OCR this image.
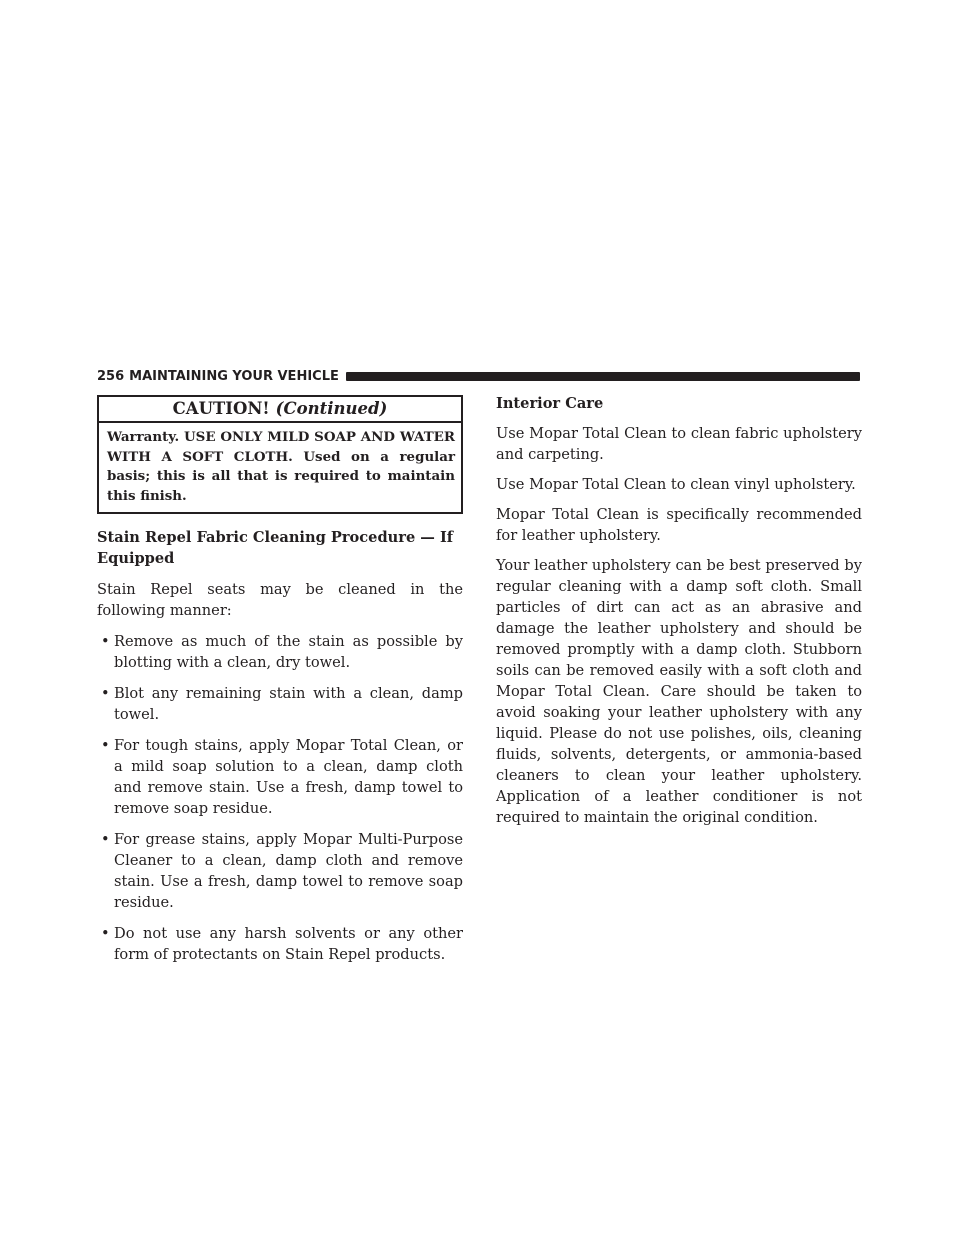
256 MAINTAINING YOUR VEHICLE
CAUTION! (Continued)
Warranty. USE ONLY MILD SOAP AND WATER WITH A SOFT CLOTH. Used on a regular basis; this is all that is required to maintain this finish.
Stain Repel Fabric Cleaning Procedure — If Equipped

Stain Repel seats may be cleaned in the following manner:

• Remove as much of the stain as possible by blotting with a clean, dry towel.
• Blot any remaining stain with a clean, damp towel.
• For tough stains, apply Mopar Total Clean, or a mild soap solution to a clean, damp cloth and remove stain. Use a fresh, damp towel to remove soap residue.
• For grease stains, apply Mopar Multi-Purpose Cleaner to a clean, damp cloth and remove stain. Use a fresh, damp towel to remove soap residue.
• Do not use any harsh solvents or any other form of protectants on Stain Repel products.
Interior Care

Use Mopar Total Clean to clean fabric upholstery and carpeting.

Use Mopar Total Clean to clean vinyl upholstery.

Mopar Total Clean is specifically recommended for leather upholstery.

Your leather upholstery can be best preserved by regular cleaning with a damp soft cloth. Small particles of dirt can act as an abrasive and damage the leather upholstery and should be removed promptly with a damp cloth. Stubborn soils can be removed easily with a soft cloth and Mopar Total Clean. Care should be taken to avoid soaking your leather upholstery with any liquid. Please do not use polishes, oils, cleaning fluids, solvents, detergents, or ammonia-based cleaners to clean your leather upholstery. Application of a leather conditioner is not required to maintain the original condition.
